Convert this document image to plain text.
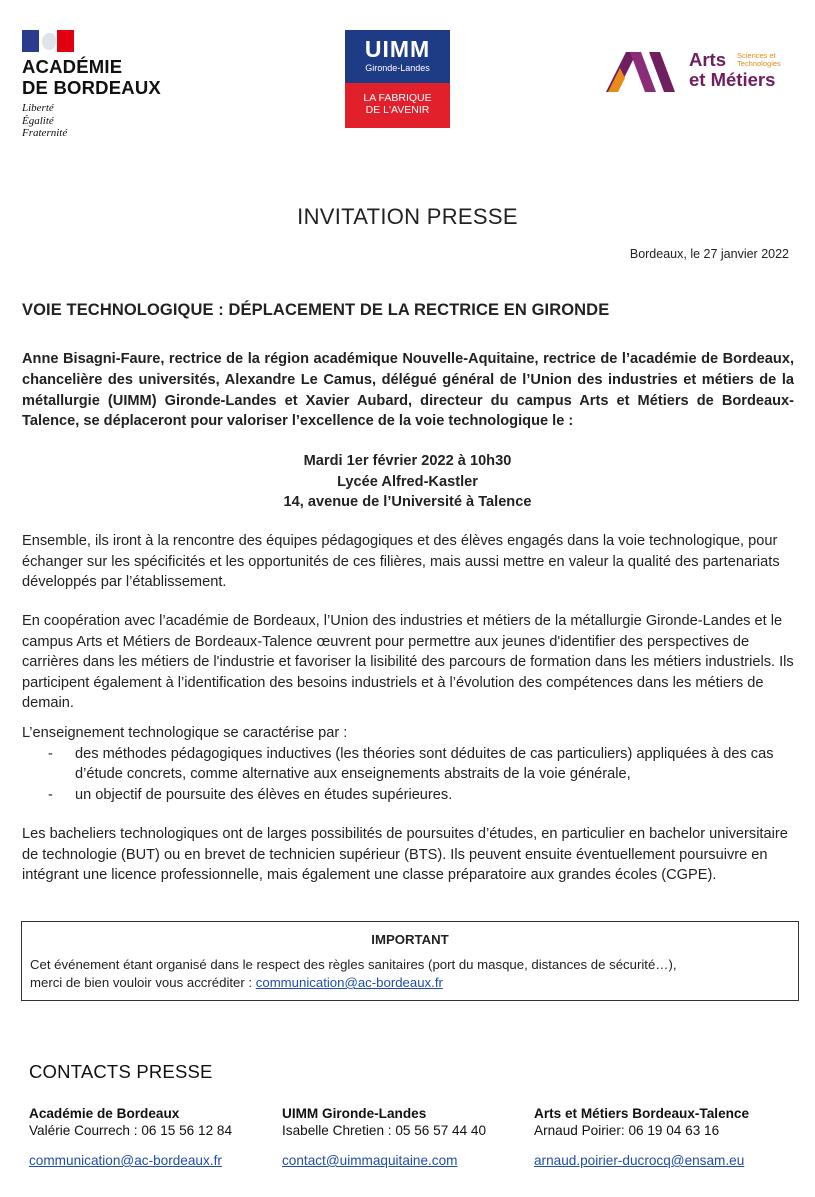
ACADÉMIE
DE BORDEAUX
Liberté
Égalité
Fraternité
UIMM
Gironde-Landes
LA FABRIQUE
DE L'AVENIR
Arts
et Métiers
Sciences et
Technologies
INVITATION PRESSE
Bordeaux, le 27 janvier 2022
VOIE TECHNOLOGIQUE : DÉPLACEMENT DE LA RECTRICE EN GIRONDE
Anne Bisagni-Faure, rectrice de la région académique Nouvelle-Aquitaine, rectrice de l’académie de Bordeaux, chancelière des universités, Alexandre Le Camus, délégué général de l’Union des industries et métiers de la métallurgie (UIMM) Gironde-Landes et Xavier Aubard, directeur du campus Arts et Métiers de Bordeaux-Talence, se déplaceront pour valoriser l’excellence de la voie technologique le :
Mardi 1er février 2022 à 10h30
Lycée Alfred-Kastler
14, avenue de l’Université à Talence
Ensemble, ils iront à la rencontre des équipes pédagogiques et des élèves engagés dans la voie technologique, pour échanger sur les spécificités et les opportunités de ces filières, mais aussi mettre en valeur la qualité des partenariats développés par l’établissement.
En coopération avec l’académie de Bordeaux, l’Union des industries et métiers de la métallurgie Gironde-Landes et le campus Arts et Métiers de Bordeaux-Talence œuvrent pour permettre aux jeunes d'identifier des perspectives de carrières dans les métiers de l'industrie et favoriser la lisibilité des parcours de formation dans les métiers industriels. Ils participent également à l’identification des besoins industriels et à l’évolution des compétences dans les métiers de demain.
L’enseignement technologique se caractérise par :
- des méthodes pédagogiques inductives (les théories sont déduites de cas particuliers) appliquées à des cas d’étude concrets, comme alternative aux enseignements abstraits de la voie générale,
- un objectif de poursuite des élèves en études supérieures.
Les bacheliers technologiques ont de larges possibilités de poursuites d’études, en particulier en bachelor universitaire de technologie (BUT) ou en brevet de technicien supérieur (BTS). Ils peuvent ensuite éventuellement poursuivre en intégrant une licence professionnelle, mais également une classe préparatoire aux grandes écoles (CGPE).
IMPORTANT
Cet événement étant organisé dans le respect des règles sanitaires (port du masque, distances de sécurité…),
merci de bien vouloir vous accréditer : communication@ac-bordeaux.fr
CONTACTS PRESSE
Académie de Bordeaux
Valérie Courrech : 06 15 56 12 84
communication@ac-bordeaux.fr
UIMM Gironde-Landes
Isabelle Chretien : 05 56 57 44 40
contact@uimmaquitaine.com
Arts et Métiers Bordeaux-Talence
Arnaud Poirier: 06 19 04 63 16
arnaud.poirier-ducrocq@ensam.eu
